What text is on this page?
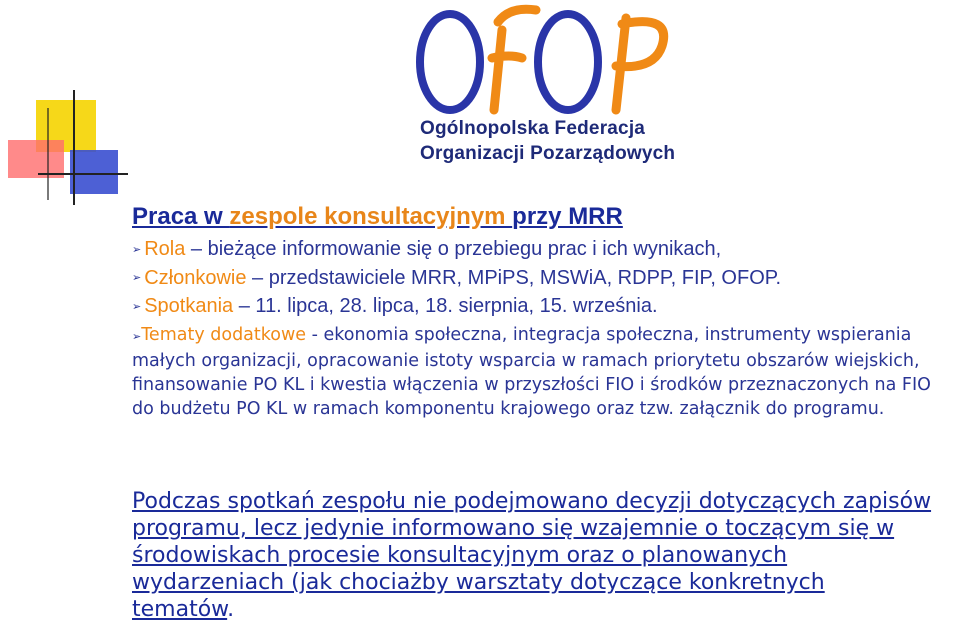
Ogólnopolska Federacja
Organizacji Pozarządowych
Praca w zespole konsultacyjnym przy MRR
➢ Rola – bieżące informowanie się o przebiegu prac i ich wynikach,
➢ Członkowie – przedstawiciele MRR, MPiPS, MSWiA, RDPP, FIP, OFOP.
➢ Spotkania – 11. lipca, 28. lipca, 18. sierpnia, 15. września.
➢Tematy dodatkowe - ekonomia społeczna, integracja społeczna, instrumenty wspierania małych organizacji, opracowanie istoty wsparcia w ramach priorytetu obszarów wiejskich, finansowanie PO KL i kwestia włączenia w przyszłości FIO i środków przeznaczonych na FIO do budżetu PO KL w ramach komponentu krajowego oraz tzw. załącznik do programu.
Podczas spotkań zespołu nie podejmowano decyzji dotyczących zapisów programu, lecz jedynie informowano się wzajemnie o toczącym się w środowiskach procesie konsultacyjnym oraz o planowanych wydarzeniach (jak chociażby warsztaty dotyczące konkretnych tematów.
